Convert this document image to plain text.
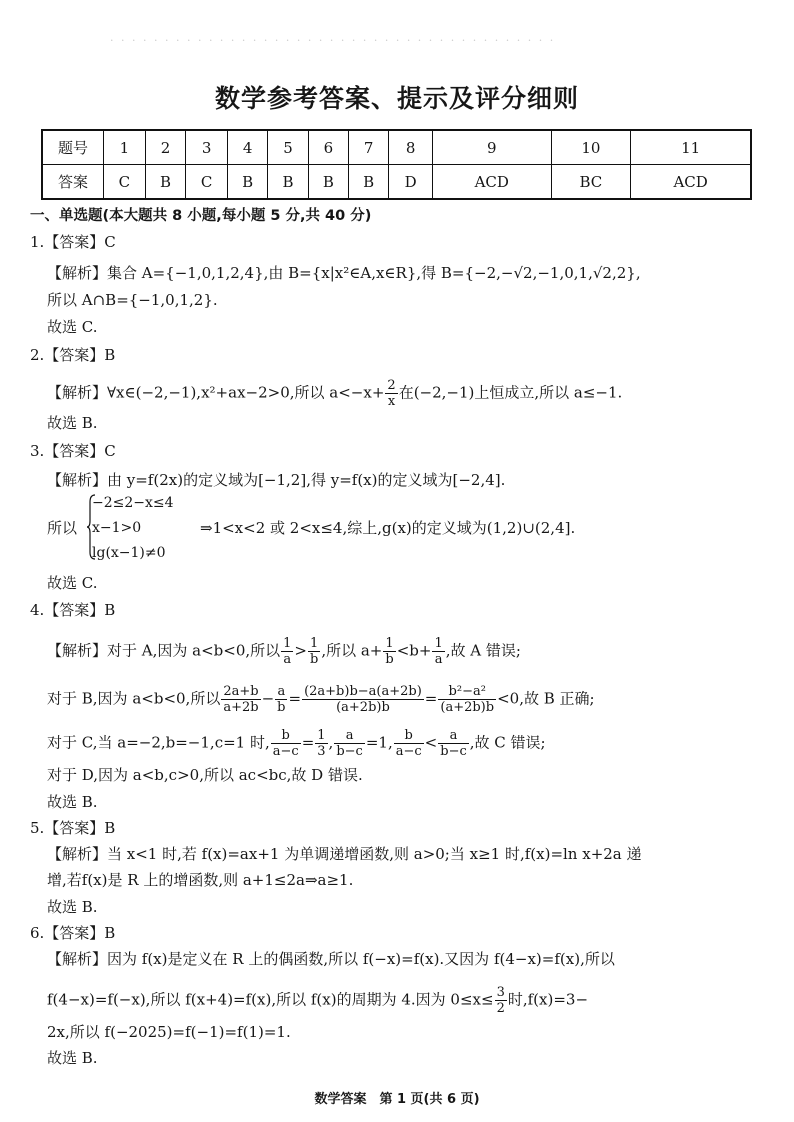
· · · · · · · · · · · · · · · · · · · · · · · · · · · · · · · · · · · · · · · · ·
数学参考答案、提示及评分细则
题号	1	2	3	4	5	6	7	8	9	10	11
答案	C	B	C	B	B	B	B	D	ACD	BC	ACD
一、单选题(本大题共 8 小题,每小题 5 分,共 40 分)
1.【答案】C
【解析】集合 A={−1,0,1,2,4},由 B={x|x²∈A,x∈R},得 B={−2,−√2,−1,0,1,√2,2},
所以 A∩B={−1,0,1,2}.
故选 C.
2.【答案】B
【解析】∀x∈(−2,−1),x²+ax−2>0,所以 $a<-x+ \frac{2}{x}$ 在(−2,−1)上恒成立,所以 a≤−1.
故选 B.
3.【答案】C
【解析】由 y=f(2x)的定义域为[−1,2],得 y=f(x)的定义域为[−2,4].
所以
−2≤2−x≤4
x−1>0
lg(x−1)≠0
⇒1<x<2 或 2<x≤4,综上,g(x)的定义域为(1,2)∪(2,4].
故选 C.
4.【答案】B
【解析】对于 A,因为 a<b<0,所以 $\frac{1}{a} > \frac{1}{b}$ ,所以 $a+ \frac{1}{b} <b+ \frac{1}{a}$ ,故 A 错误;
对于 B,因为 a<b<0,所以 $\frac{2a+b}{a+2b} - \frac{a}{b} = \frac{(2a+b)b-a(a+2b)}{(a+2b)b} = \frac{\text{b²−a²}}{(a+2b)b} <0$,故 B 正确;
对于 C,当 a=−2,b=−1,c=1 时, $\frac{b}{a-c} = \frac{1}{3}$ , $\frac{a}{b-c} =1$, $\frac{b}{a-c} < \frac{a}{b-c}$ ,故 C 错误;
对于 D,因为 a<b,c>0,所以 ac<bc,故 D 错误.
故选 B.
5.【答案】B
【解析】当 x<1 时,若 f(x)=ax+1 为单调递增函数,则 a>0;当 x≥1 时,f(x)=ln x+2a 递
增,若f(x)是 R 上的增函数,则 a+1≤2a⇒a≥1.
故选 B.
6.【答案】B
【解析】因为 f(x)是定义在 R 上的偶函数,所以 f(−x)=f(x).又因为 f(4−x)=f(x),所以
f(4−x)=f(−x),所以 f(x+4)=f(x),所以 f(x)的周期为 4.因为 $0\le x\le \frac{3}{2}$ 时,f(x)=3−
2x,所以 f(−2025)=f(−1)=f(1)=1.
故选 B.
数学答案　第 1 页(共 6 页)
